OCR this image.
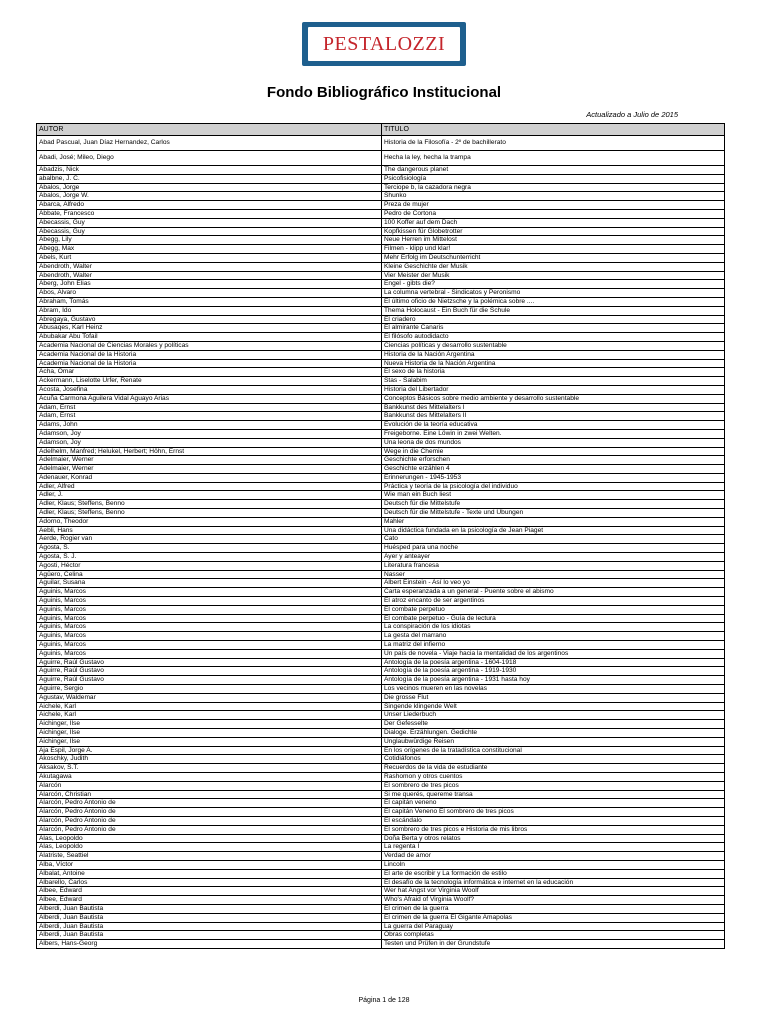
PESTALOZZI
Fondo Bibliográfico Institucional
Actualizado a Julio de 2015
AUTOR	TITULO
Abad Pascual, Juan Díaz Hernandez, Carlos	Historia de la Filosofía - 2º de bachillerato
Abadi, José; Mileo, Diego	Hecha la ley, hecha la trampa
Abadzis, Nick	The dangerous planet
abalbne, J. C.	Psicofisiología
Abalos, Jorge	Terciope b, la cazadora negra
Abalos, Jorge W.	Shunko
Abarca, Alfredo	Preza de mujer
Abbate, Francesco	Pedro de Cortona
Abecassis, Guy	100 Koffer auf dem Dach
Abecassis, Guy	Kopfkissen für Globetrotter
Abegg, Lily	Neue Herren im Mittelost
Abegg, Max	Filmen - klipp und klar!
Abels, Kurt	Mehr Erfolg im Deutschunterricht
Abendroth, Walter	Kleine Geschichte der Musik
Abendroth, Walter	Vier Meister der Musik
Aberg, John Elias	Engel - gibts die?
Abos, Alvaro	La columna vertebral - Sindicatos y Peronismo
Abraham, Tomás	El último oficio de Nietzsche y la polémica sobre ....
Abram, Ido	Thema Holocaust - Ein Buch für die Schule
Abregaya, Gustavo	El criadero
Abusaqes, Karl Heinz	El almirante Canaris
Abubakar Abu Tofail	El filósofo autodidacto
Academia Nacional de Ciencias Morales y políticas	Ciencias políticas y desarrollo sustentable
Academia Nacional de la Historia	Historia de la Nación Argentina
Academia Nacional de la Historia	Nueva Historia de la Nación Argentina
Acha, Omar	El sexo de la historia
Ackermann, Liselotte Urfer, Renate	Stas - Salabim
Acosta, Josefina	Historia del Libertador
Acuña Carmona Aguilera Vidal Aguayo Arias	Conceptos Básicos sobre medio ambiente y desarrollo sustentable
Adam, Ernst	Bankkunst des Mittelalters I
Adam, Ernst	Bankkunst des Mittelalters II
Adams, John	Evolución de la teoría educativa
Adamson, Joy	Freigeborne. Eine Löwin in zwei Welten.
Adamson, Joy	Una leona de dos mundos
Adelhelm, Manfred; Helukel, Herbert; Höhn, Ernst	Wege in die Chemie
Adelmaier, Werner	Geschichte erforschen
Adelmaier, Werner	Geschichte erzählen 4
Adenauer, Konrad	Erinnerungen - 1945-1953
Adler, Alfred	Práctica y teoría de la psicología del individuo
Adler, J.	Wie man ein Buch liest
Adler, Klaus; Steffens, Benno	Deutsch für die Mittelstufe
Adler, Klaus; Steffens, Benno	Deutsch für die Mittelstufe - Texte und Übungen
Adorno, Theodor	Mahler
Aebli, Hans	Una didáctica fundada en la psicología de Jean Piaget
Aerde, Rogier van	Cato
Agosta, S.	Huésped para una noche
Agosta, S. J.	Ayer y anteayer
Agosti, Héctor	Literatura francesa
Agüero, Celina	Nasser
Aguilar, Susana	Albert Einstein - Así lo veo yo
Aguinis, Marcos	Carta esperanzada a un general - Puente sobre el abismo
Aguinis, Marcos	El atroz encanto de ser argentinos
Aguinis, Marcos	El combate perpetuo
Aguinis, Marcos	El combate perpetuo - Guía de lectura
Aguinis, Marcos	La conspiración de los idiotas
Aguinis, Marcos	La gesta del marrano
Aguinis, Marcos	La matriz del infierno
Aguinis, Marcos	Un país de novela - Viaje hacia la mentalidad de los argentinos
Aguirre, Raúl Gustavo	Antología de la poesía argentina - 1604-1918
Aguirre, Raúl Gustavo	Antología de la poesía argentina - 1919-1930
Aguirre, Raúl Gustavo	Antología de la poesía argentina - 1931 hasta hoy
Aguirre, Sergio	Los vecinos mueren en las novelas
Agustav, Waldemar	Die grosse Flut
Aichele, Karl	Singende klingende Welt
Aichele, Karl	Unser Liederbuch
Aichinger, Ilse	Der Gefesselte
Aichinger, Ilse	Dialoge. Erzählungen. Gedichte
Aichinger, Ilse	Unglaubwürdige Reisen
Aja Espil, Jorge A.	En los orígenes de la tratadística constitucional
Akoschky, Judith	Cotidiáfonos
Aksakov, S.T.	Recuerdos de la vida de estudiante
Akutagawa	Rashomon y otros cuentos
Alarcón	El sombrero de tres picos
Alarcón, Christian	Si me querés, quereme transa
Alarcón, Pedro Antonio de	El capitán veneno
Alarcón, Pedro Antonio de	El capitán Veneno El sombrero de tres picos
Alarcón, Pedro Antonio de	El escándalo
Alarcón, Pedro Antonio de	El sombrero de tres picos e Historia de mis libros
Alas, Leopoldo	Doña Berta y otros relatos
Alas, Leopoldo	La regenta I
Alatriste, Seattiel	Verdad de amor
Alba, Víctor	Lincoln
Albalat, Antoine	El arte de escribir y La formación de estilo
Albarello, Carlos	El desafío de la tecnología informática e internet en la educación
Albee, Edward	Wer hat Angst vor Virginia Woolf
Albee, Edward	Who's Afraid of Virginia Woolf?
Alberdi, Juan Bautista	El crimen de la guerra
Alberdi, Juan Bautista	El crimen de la guerra El Gigante Amapolas
Alberdi, Juan Bautista	La guerra del Paraguay
Alberdi, Juan Bautista	Obras completas
Albers, Hans-Georg	Testen und Prüfen in der Grundstufe
Página 1 de 128
